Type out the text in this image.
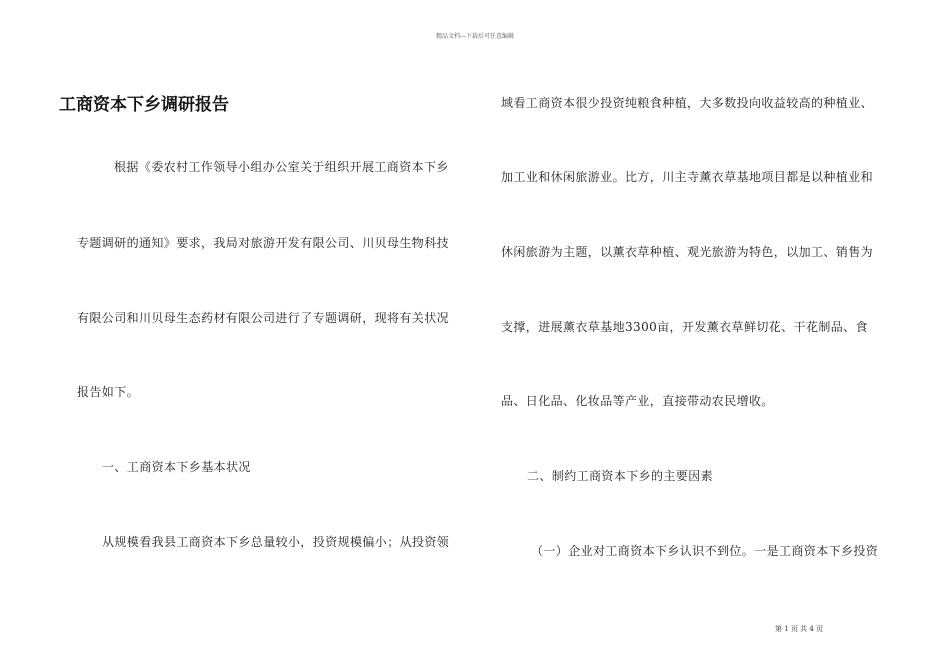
精品文档---下载后可任意编辑
工商资本下乡调研报告
根据《委农村工作领导小组办公室关于组织开展工商资本下乡
专题调研的通知》要求，我局对旅游开发有限公司、川贝母生物科技
有限公司和川贝母生态药材有限公司进行了专题调研，现将有关状况
报告如下。
一、工商资本下乡基本状况
从规模看我县工商资本下乡总量较小，投资规模偏小；从投资领
域看工商资本很少投资纯粮食种植，大多数投向收益较高的种植业、
加工业和休闲旅游业。比方，川主寺薰衣草基地项目都是以种植业和
休闲旅游为主题，以薰衣草种植、观光旅游为特色，以加工、销售为
支撑，进展薰衣草基地3300亩，开发薰衣草鲜切花、干花制品、食
品、日化品、化妆品等产业，直接带动农民增收。
二、制约工商资本下乡的主要因素
（一）企业对工商资本下乡认识不到位。一是工商资本下乡投资
第 1 页 共 4 页
